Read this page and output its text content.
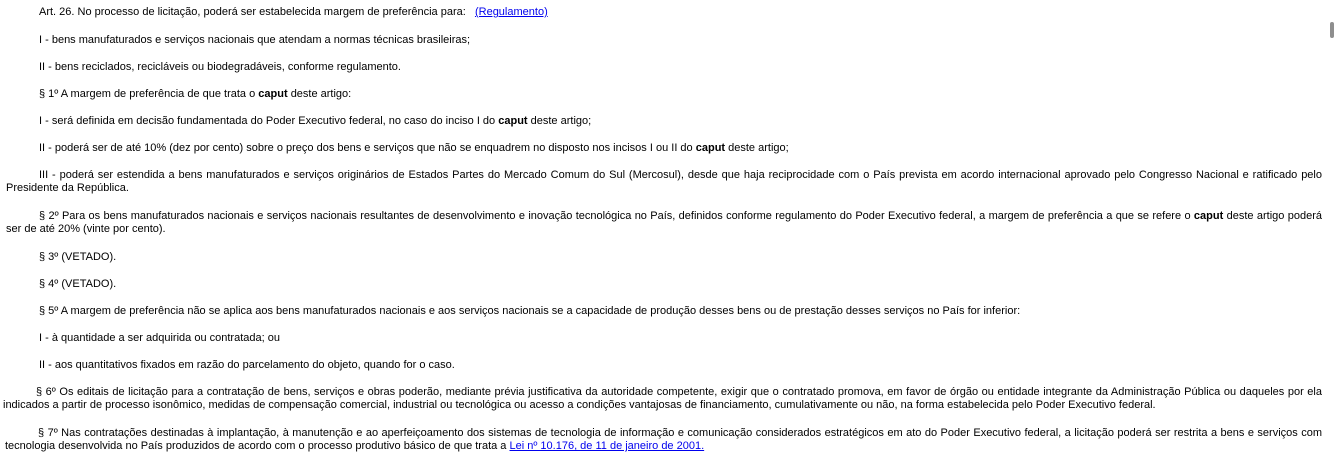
Art. 26. No processo de licitação, poderá ser estabelecida margem de preferência para: (Regulamento)

I - bens manufaturados e serviços nacionais que atendam a normas técnicas brasileiras;

II - bens reciclados, recicláveis ou biodegradáveis, conforme regulamento.

§ 1º A margem de preferência de que trata o caput deste artigo:

I - será definida em decisão fundamentada do Poder Executivo federal, no caso do inciso I do caput deste artigo;

II - poderá ser de até 10% (dez por cento) sobre o preço dos bens e serviços que não se enquadrem no disposto nos incisos I ou II do caput deste artigo;

III - poderá ser estendida a bens manufaturados e serviços originários de Estados Partes do Mercado Comum do Sul (Mercosul), desde que haja reciprocidade com o País prevista em acordo internacional aprovado pelo Congresso Nacional e ratificado pelo Presidente da República.

§ 2º Para os bens manufaturados nacionais e serviços nacionais resultantes de desenvolvimento e inovação tecnológica no País, definidos conforme regulamento do Poder Executivo federal, a margem de preferência a que se refere o caput deste artigo poderá ser de até 20% (vinte por cento).

§ 3º (VETADO).

§ 4º (VETADO).

§ 5º A margem de preferência não se aplica aos bens manufaturados nacionais e aos serviços nacionais se a capacidade de produção desses bens ou de prestação desses serviços no País for inferior:

I - à quantidade a ser adquirida ou contratada; ou

II - aos quantitativos fixados em razão do parcelamento do objeto, quando for o caso.

§ 6º Os editais de licitação para a contratação de bens, serviços e obras poderão, mediante prévia justificativa da autoridade competente, exigir que o contratado promova, em favor de órgão ou entidade integrante da Administração Pública ou daqueles por ela indicados a partir de processo isonômico, medidas de compensação comercial, industrial ou tecnológica ou acesso a condições vantajosas de financiamento, cumulativamente ou não, na forma estabelecida pelo Poder Executivo federal.

§ 7º Nas contratações destinadas à implantação, à manutenção e ao aperfeiçoamento dos sistemas de tecnologia de informação e comunicação considerados estratégicos em ato do Poder Executivo federal, a licitação poderá ser restrita a bens e serviços com tecnologia desenvolvida no País produzidos de acordo com o processo produtivo básico de que trata a Lei nº 10.176, de 11 de janeiro de 2001.
